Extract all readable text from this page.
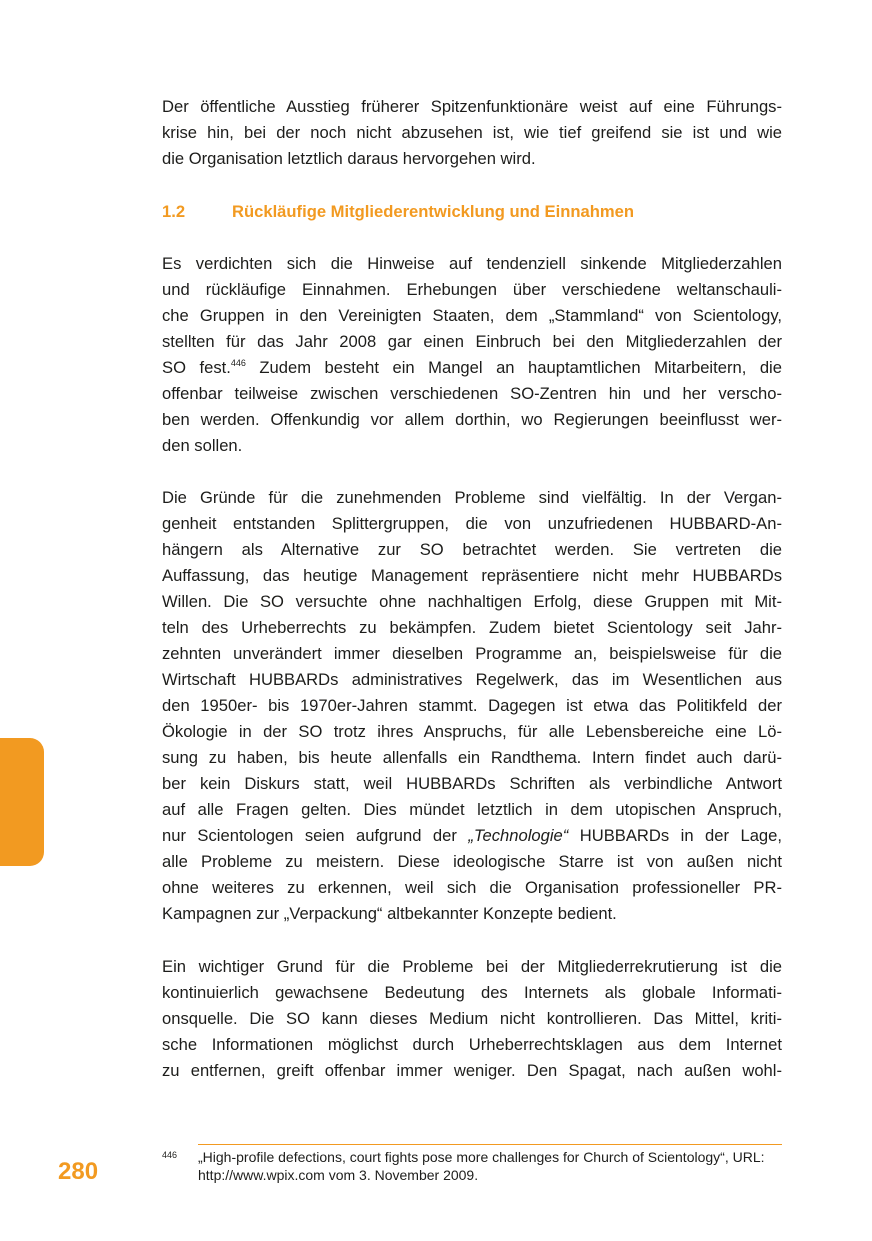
Der öffentliche Ausstieg früherer Spitzenfunktionäre weist auf eine Führungs-
krise hin, bei der noch nicht abzusehen ist, wie tief greifend sie ist und wie
die Organisation letztlich daraus hervorgehen wird.
1.2	Rückläufige Mitgliederentwicklung und Einnahmen
Es verdichten sich die Hinweise auf tendenziell sinkende Mitgliederzahlen
und rückläufige Einnahmen. Erhebungen über verschiedene weltanschauli-
che Gruppen in den Vereinigten Staaten, dem „Stammland“ von Scientology,
stellten für das Jahr 2008 gar einen Einbruch bei den Mitgliederzahlen der
SO fest.$^{446}$ Zudem besteht ein Mangel an hauptamtlichen Mitarbeitern, die
offenbar teilweise zwischen verschiedenen SO-Zentren hin und her verscho-
ben werden. Offenkundig vor allem dorthin, wo Regierungen beeinflusst wer-
den sollen.
Die Gründe für die zunehmenden Probleme sind vielfältig. In der Vergan-
genheit entstanden Splittergruppen, die von unzufriedenen HUBBARD-An-
hängern als Alternative zur SO betrachtet werden. Sie vertreten die
Auffassung, das heutige Management repräsentiere nicht mehr HUBBARDs
Willen. Die SO versuchte ohne nachhaltigen Erfolg, diese Gruppen mit Mit-
teln des Urheberrechts zu bekämpfen. Zudem bietet Scientology seit Jahr-
zehnten unverändert immer dieselben Programme an, beispielsweise für die
Wirtschaft HUBBARDs administratives Regelwerk, das im Wesentlichen aus
den 1950er- bis 1970er-Jahren stammt. Dagegen ist etwa das Politikfeld der
Ökologie in der SO trotz ihres Anspruchs, für alle Lebensbereiche eine Lö-
sung zu haben, bis heute allenfalls ein Randthema. Intern findet auch darü-
ber kein Diskurs statt, weil HUBBARDs Schriften als verbindliche Antwort
auf alle Fragen gelten. Dies mündet letztlich in dem utopischen Anspruch,
nur Scientologen seien aufgrund der „Technologie“ HUBBARDs in der Lage,
alle Probleme zu meistern. Diese ideologische Starre ist von außen nicht
ohne weiteres zu erkennen, weil sich die Organisation professioneller PR-
Kampagnen zur „Verpackung“ altbekannter Konzepte bedient.
Ein wichtiger Grund für die Probleme bei der Mitgliederrekrutierung ist die
kontinuierlich gewachsene Bedeutung des Internets als globale Informati-
onsquelle. Die SO kann dieses Medium nicht kontrollieren. Das Mittel, kriti-
sche Informationen möglichst durch Urheberrechtsklagen aus dem Internet
zu entfernen, greift offenbar immer weniger. Den Spagat, nach außen wohl-
446 „High-profile defections, court fights pose more challenges for Church of Scientology“, URL:
http://www.wpix.com vom 3. November 2009.
280
